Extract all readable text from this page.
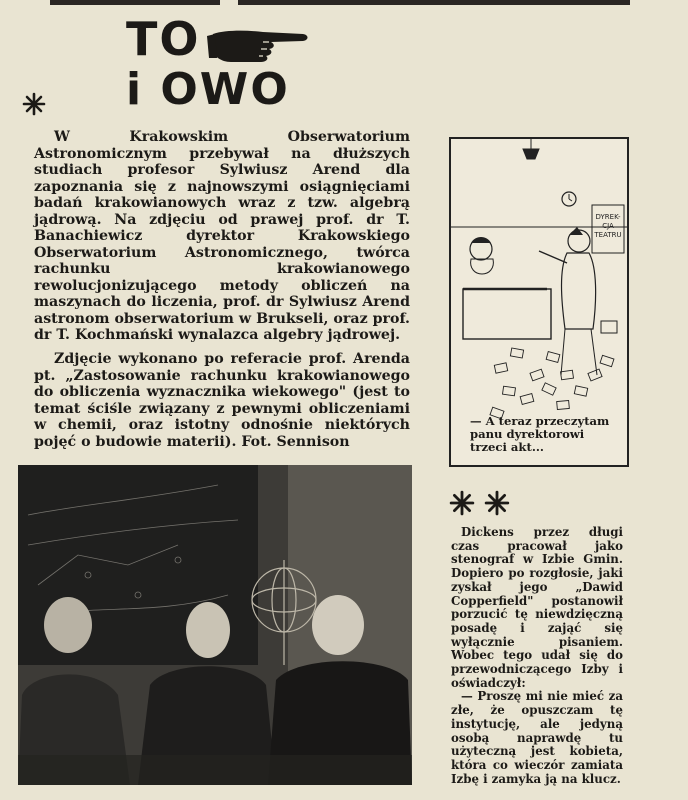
TO
i OWO

W Krakowskim Obserwatorium Astronomicznym przebywał na dłuższych studiach profesor Sylwiusz Arend dla zapoznania się z najnowszymi osiągnięciami badań krakowianowych wraz z tzw. algebrą jądrową. Na zdjęciu od prawej prof. dr T. Banachiewicz dyrektor Krakowskiego Obserwatorium Astronomicznego, twórca rachunku krakowianowego rewolucjonizującego metody obliczeń na maszynach do liczenia, prof. dr Sylwiusz Arend astronom obserwatorium w Brukseli, oraz prof. dr T. Kochmański wynalazca algebry jądrowej.

Zdjęcie wykonano po referacie prof. Arenda pt. „Zastosowanie rachunku krakowianowego do obliczenia wyznacznika wiekowego" (jest to temat ściśle związany z pewnymi obliczeniami w chemii, oraz istotny odnośnie niektórych pojęć o budowie materii). Fot. Sennison

DYREK-
CJA
TEATRU

— A teraz przeczytam panu dyrektorowi trzeci akt...

Dickens przez długi czas pracował jako stenograf w Izbie Gmin. Dopiero po rozgłosie, jaki zyskał jego „Dawid Copperfield" postanowił porzucić tę niewdzięczną posadę i zająć się wyłącznie pisaniem. Wobec tego udał się do przewodniczącego Izby i oświadczył:
— Proszę mi nie mieć za złe, że opuszczam tę instytucję, ale jedyną osobą naprawdę tu użyteczną jest kobieta, która co wieczór zamiata Izbę i zamyka ją na klucz.
